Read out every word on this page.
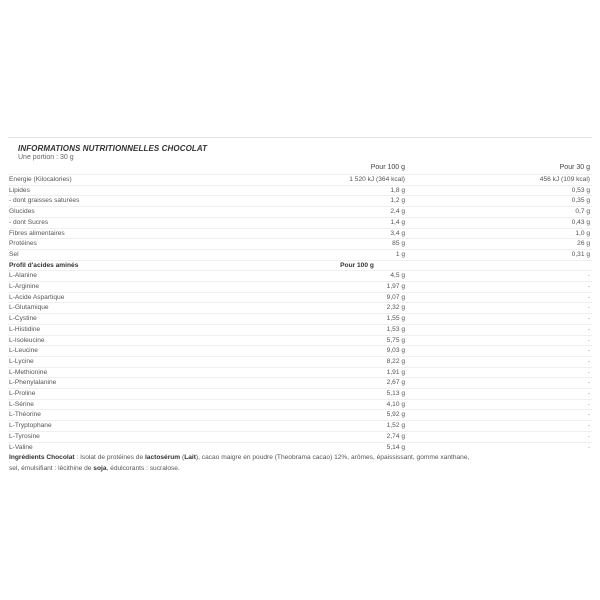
INFORMATIONS NUTRITIONNELLES CHOCOLAT
Une portion : 30 g
	Pour 100 g	Pour 30 g
Energie (Kilocalories)	1 520 kJ (364 kcal)	456 kJ (109 kcal)
Lipides	1,8 g	0,53 g
- dont graisses saturées	1,2 g	0,35 g
Glucides	2,4 g	0,7 g
- dont Sucres	1,4 g	0,43 g
Fibres alimentaires	3,4 g	1,0 g
Protéines	85 g	26 g
Sel	1 g	0,31 g
Profil d'acides aminés	Pour 100 g	
L-Alanine	4,5 g	-
L-Arginine	1,97 g	-
L-Acide Aspartique	9,07 g	-
L-Glutamique	2,32 g	-
L-Cystine	1,55 g	-
L-Histidine	1,53 g	-
L-Isoleucine	5,75 g	-
L-Leucine	9,03 g	-
L-Lycine	8,22 g	-
L-Methionine	1,91 g	-
L-Phenylalanine	2,67 g	-
L-Proline	5,13 g	-
L-Sérine	4,10 g	-
L-Théorine	5,92 g	-
L-Tryptophane	1,52 g	-
L-Tyrosine	2,74 g	-
L-Valine	5,14 g	-
Ingrédients Chocolat : Isolat de protéines de lactosérum (Lait), cacao maigre en poudre (Theobrama cacao) 12%, arômes, épaississant, gomme xanthane, sel, émulsifiant : lécithine de soja, édulcorants : sucralose.
